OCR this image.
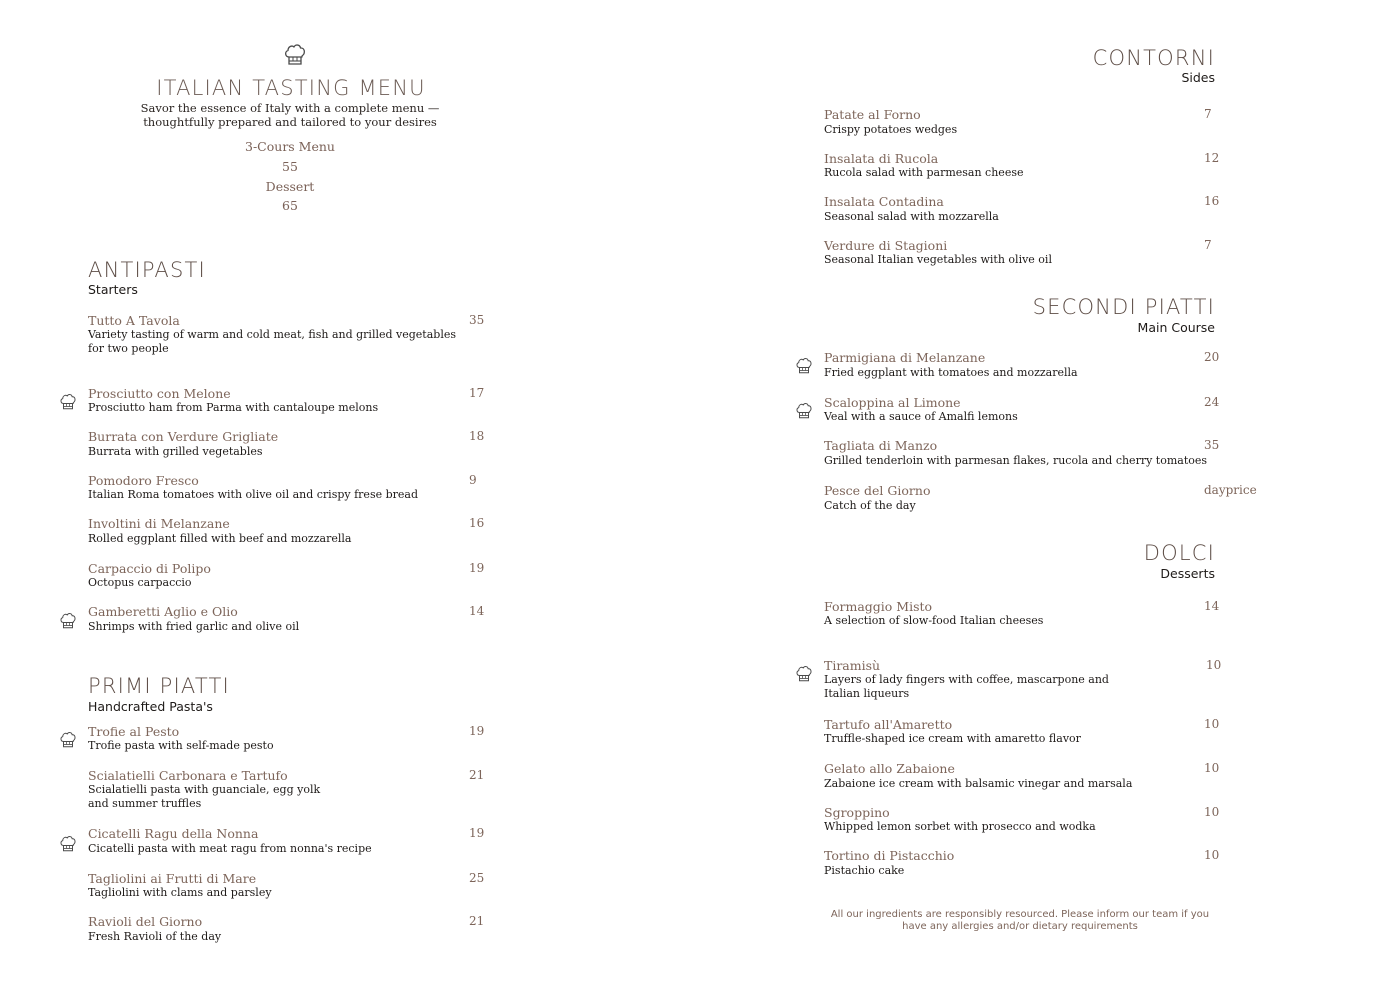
ITALIAN TASTING MENU
Savor the essence of Italy with a complete menu —
thoughtfully prepared and tailored to your desires
3-Cours Menu
55
Dessert
65
ANTIPASTI
Starters
Tutto A Tavola	35
Variety tasting of warm and cold meat, fish and grilled vegetables
for two people
Prosciutto con Melone	17
Prosciutto ham from Parma with cantaloupe melons
Burrata con Verdure Grigliate	18
Burrata with grilled vegetables
Pomodoro Fresco	9
Italian Roma tomatoes with olive oil and crispy frese bread
Involtini di Melanzane	16
Rolled eggplant filled with beef and mozzarella
Carpaccio di Polipo	19
Octopus carpaccio
Gamberetti Aglio e Olio	14
Shrimps with fried garlic and olive oil
PRIMI PIATTI
Handcrafted Pasta's
Trofie al Pesto	19
Trofie pasta with self-made pesto
Scialatielli Carbonara e Tartufo	21
Scialatielli pasta with guanciale, egg yolk
and summer truffles
Cicatelli Ragu della Nonna	19
Cicatelli pasta with meat ragu from nonna's recipe
Tagliolini ai Frutti di Mare	25
Tagliolini with clams and parsley
Ravioli del Giorno	21
Fresh Ravioli of the day
CONTORNI
Sides
Patate al Forno	7
Crispy potatoes wedges
Insalata di Rucola	12
Rucola salad with parmesan cheese
Insalata Contadina	16
Seasonal salad with mozzarella
Verdure di Stagioni	7
Seasonal Italian vegetables with olive oil
SECONDI PIATTI
Main Course
Parmigiana di Melanzane	20
Fried eggplant with tomatoes and mozzarella
Scaloppina al Limone	24
Veal with a sauce of Amalfi lemons
Tagliata di Manzo	35
Grilled tenderloin with parmesan flakes, rucola and cherry tomatoes
Pesce del Giorno	dayprice
Catch of the day
DOLCI
Desserts
Formaggio Misto	14
A selection of slow-food Italian cheeses
Tiramisù	10
Layers of lady fingers with coffee, mascarpone and
Italian liqueurs
Tartufo all'Amaretto	10
Truffle-shaped ice cream with amaretto flavor
Gelato allo Zabaione	10
Zabaione ice cream with balsamic vinegar and marsala
Sgroppino	10
Whipped lemon sorbet with prosecco and wodka
Tortino di Pistacchio	10
Pistachio cake
All our ingredients are responsibly resourced. Please inform our team if you
have any allergies and/or dietary requirements
